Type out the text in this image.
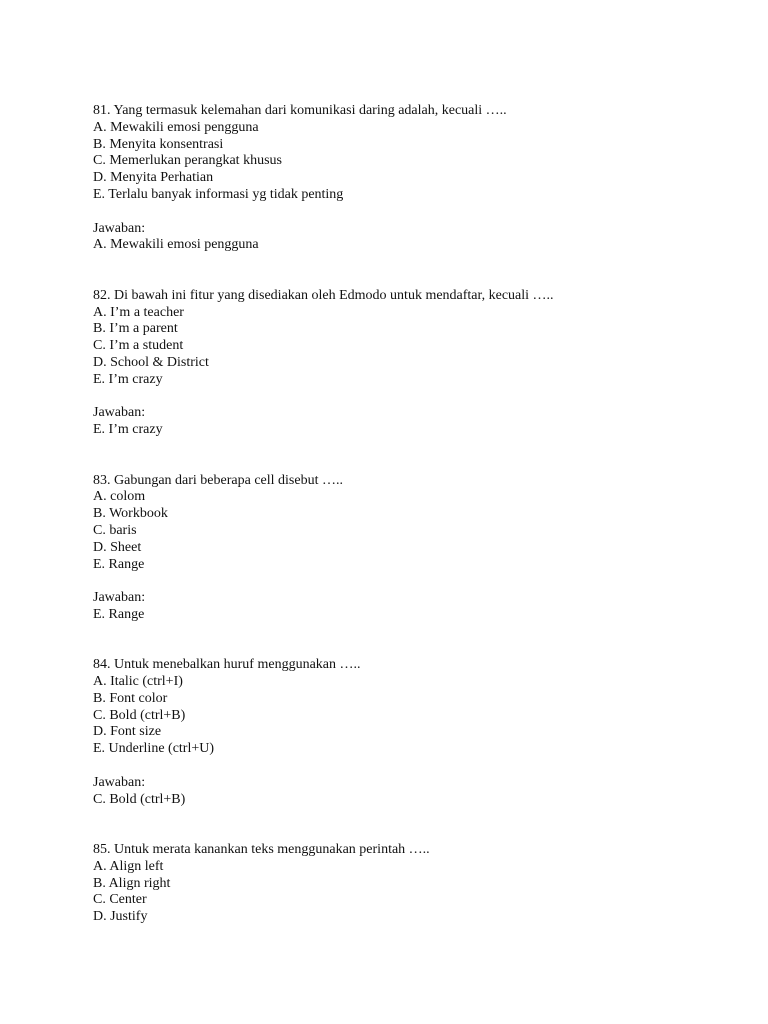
81. Yang termasuk kelemahan dari komunikasi daring adalah, kecuali …..
A. Mewakili emosi pengguna
B. Menyita konsentrasi
C. Memerlukan perangkat khusus
D. Menyita Perhatian
E. Terlalu banyak informasi yg tidak penting
Jawaban:
A. Mewakili emosi pengguna
82. Di bawah ini fitur yang disediakan oleh Edmodo untuk mendaftar, kecuali …..
A. I’m a teacher
B. I’m a parent
C. I’m a student
D. School & District
E. I’m crazy
Jawaban:
E. I’m crazy
83. Gabungan dari beberapa cell disebut …..
A. colom
B. Workbook
C. baris
D. Sheet
E. Range
Jawaban:
E. Range
84. Untuk menebalkan huruf menggunakan …..
A. Italic (ctrl+I)
B. Font color
C. Bold (ctrl+B)
D. Font size
E. Underline (ctrl+U)
Jawaban:
C. Bold (ctrl+B)
85. Untuk merata kanankan teks menggunakan perintah …..
A. Align left
B. Align right
C. Center
D. Justify
